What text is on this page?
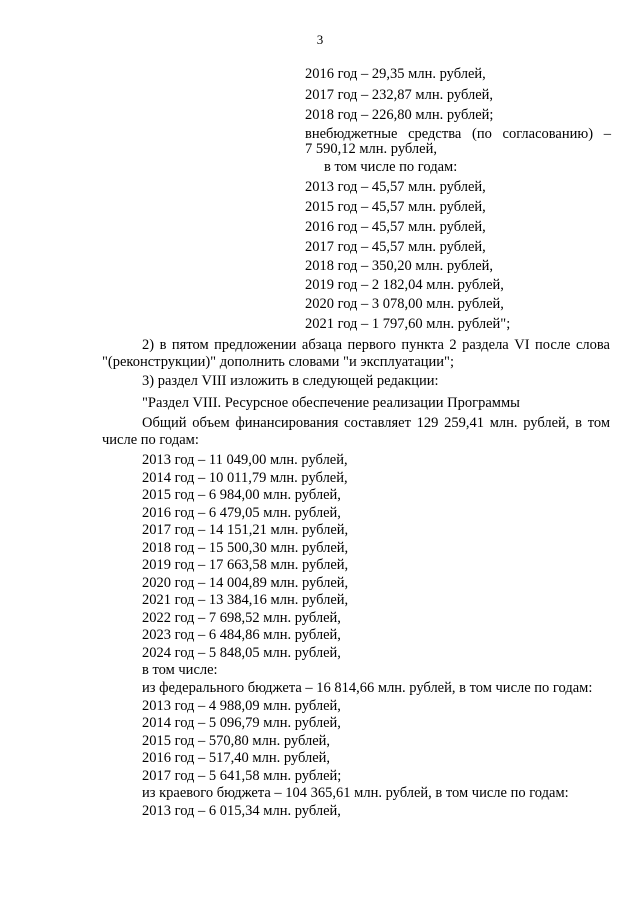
3
2016 год – 29,35 млн. рублей,
2017 год – 232,87 млн. рублей,
2018 год – 226,80 млн. рублей;
внебюджетные средства (по согласованию) –
7 590,12 млн. рублей,
в том числе по годам:
2013 год – 45,57 млн. рублей,
2015 год – 45,57 млн. рублей,
2016 год – 45,57 млн. рублей,
2017 год – 45,57 млн. рублей,
2018 год – 350,20 млн. рублей,
2019 год – 2 182,04 млн. рублей,
2020 год – 3 078,00 млн. рублей,
2021 год – 1 797,60 млн. рублей";
2) в пятом предложении абзаца первого пункта 2 раздела VI после слова
"(реконструкции)" дополнить словами "и эксплуатации";
3) раздел VIII изложить в следующей редакции:
"Раздел VIII. Ресурсное обеспечение реализации Программы
Общий объем финансирования составляет 129 259,41 млн. рублей, в том
числе по годам:
2013 год – 11 049,00 млн. рублей,
2014 год – 10 011,79 млн. рублей,
2015 год – 6 984,00 млн. рублей,
2016 год – 6 479,05 млн. рублей,
2017 год – 14 151,21 млн. рублей,
2018 год – 15 500,30 млн. рублей,
2019 год – 17 663,58 млн. рублей,
2020 год – 14 004,89 млн. рублей,
2021 год – 13 384,16 млн. рублей,
2022 год – 7 698,52 млн. рублей,
2023 год – 6 484,86 млн. рублей,
2024 год – 5 848,05 млн. рублей,
в том числе:
из федерального бюджета – 16 814,66 млн. рублей, в том числе по годам:
2013 год – 4 988,09 млн. рублей,
2014 год – 5 096,79 млн. рублей,
2015 год – 570,80 млн. рублей,
2016 год – 517,40 млн. рублей,
2017 год – 5 641,58 млн. рублей;
из краевого бюджета – 104 365,61 млн. рублей, в том числе по годам:
2013 год – 6 015,34 млн. рублей,
